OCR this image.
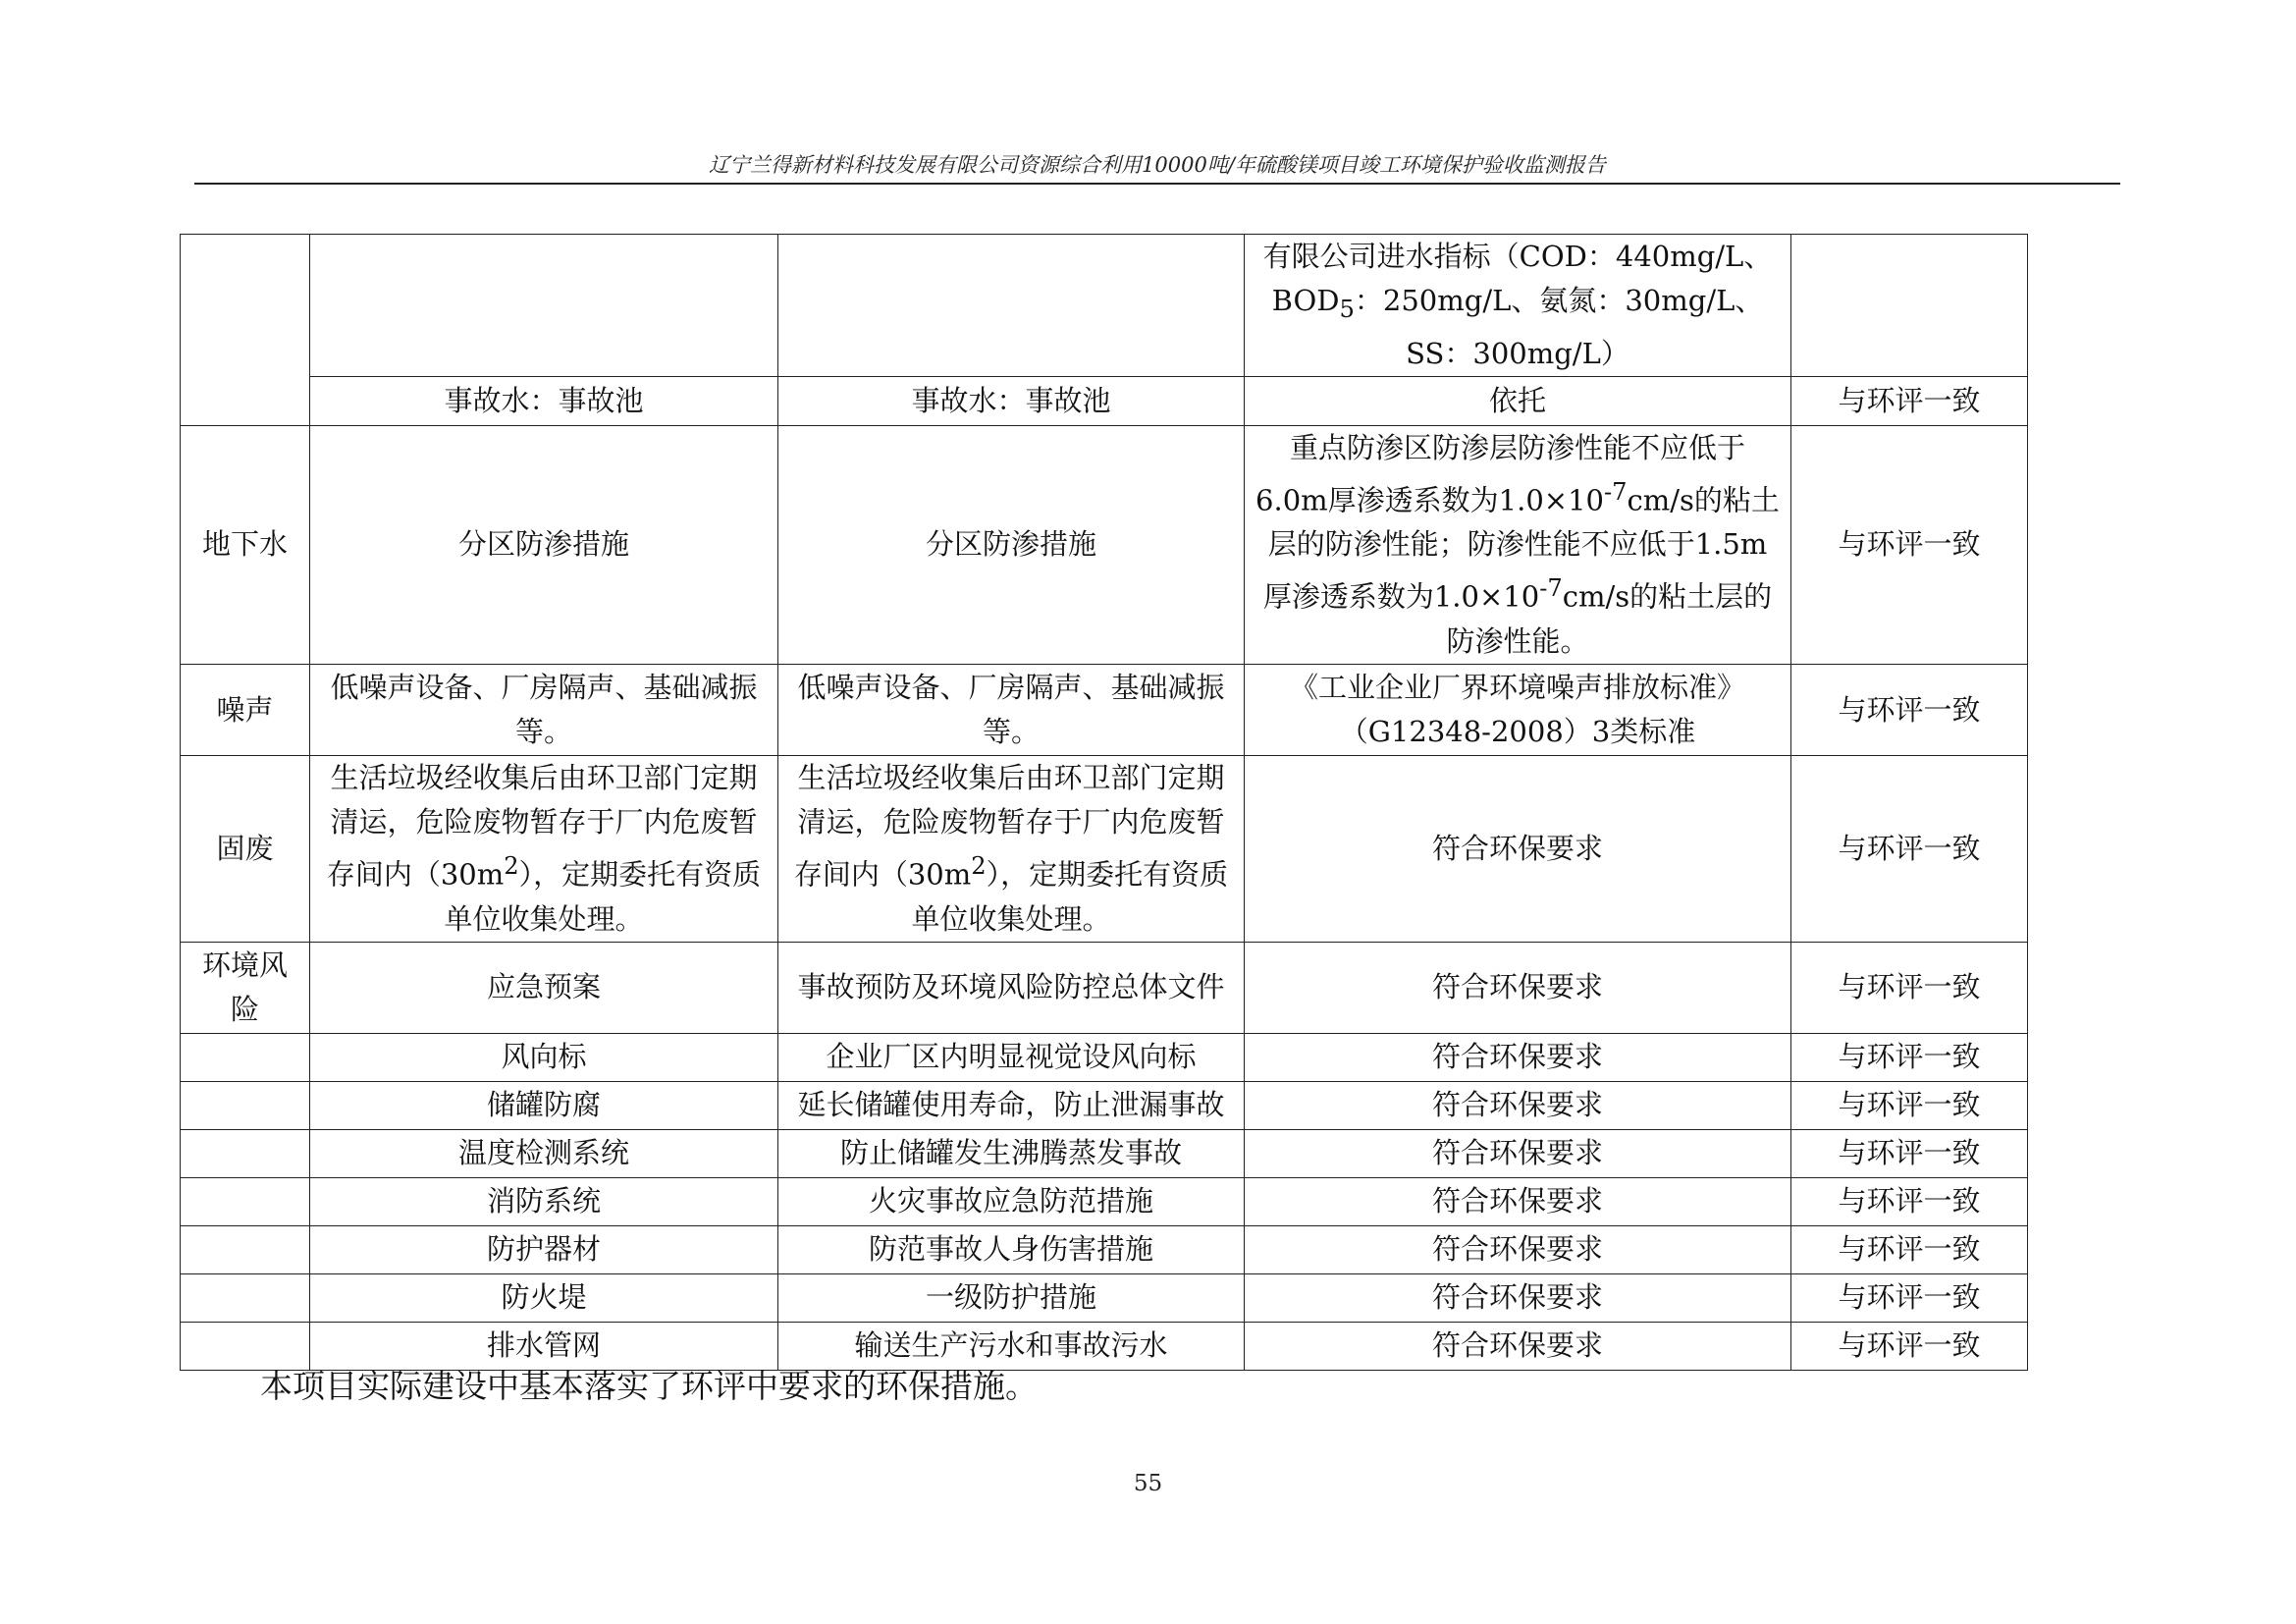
辽宁兰得新材料科技发展有限公司资源综合利用10000吨/年硫酸镁项目竣工环境保护验收监测报告
			有限公司进水指标（COD：440mg/L、$BOD_5$：250mg/L、氨氮：30mg/L、SS：300mg/L）	
	事故水：事故池	事故水：事故池	依托	与环评一致
地下水	分区防渗措施	分区防渗措施	重点防渗区防渗层防渗性能不应低于6.0m厚渗透系数为$1.0\times 10^{-7}cm/s$的粘土层的防渗性能；防渗性能不应低于1.5m厚渗透系数为$1.0\times 10^{-7}cm/s$的粘土层的防渗性能。	与环评一致
噪声	低噪声设备、厂房隔声、基础减振等。	低噪声设备、厂房隔声、基础减振等。	《工业企业厂界环境噪声排放标准》（G12348-2008）3类标准	与环评一致
固废	生活垃圾经收集后由环卫部门定期清运，危险废物暂存于厂内危废暂存间内$(30m^2)$，定期委托有资质单位收集处理。	生活垃圾经收集后由环卫部门定期清运，危险废物暂存于厂内危废暂存间内$(30m^2)$，定期委托有资质单位收集处理。	符合环保要求	与环评一致
环境风险	应急预案	事故预防及环境风险防控总体文件	符合环保要求	与环评一致
	风向标	企业厂区内明显视觉设风向标	符合环保要求	与环评一致
	储罐防腐	延长储罐使用寿命，防止泄漏事故	符合环保要求	与环评一致
	温度检测系统	防止储罐发生沸腾蒸发事故	符合环保要求	与环评一致
	消防系统	火灾事故应急防范措施	符合环保要求	与环评一致
	防护器材	防范事故人身伤害措施	符合环保要求	与环评一致
	防火堤	一级防护措施	符合环保要求	与环评一致
	排水管网	输送生产污水和事故污水	符合环保要求	与环评一致
本项目实际建设中基本落实了环评中要求的环保措施。
55
